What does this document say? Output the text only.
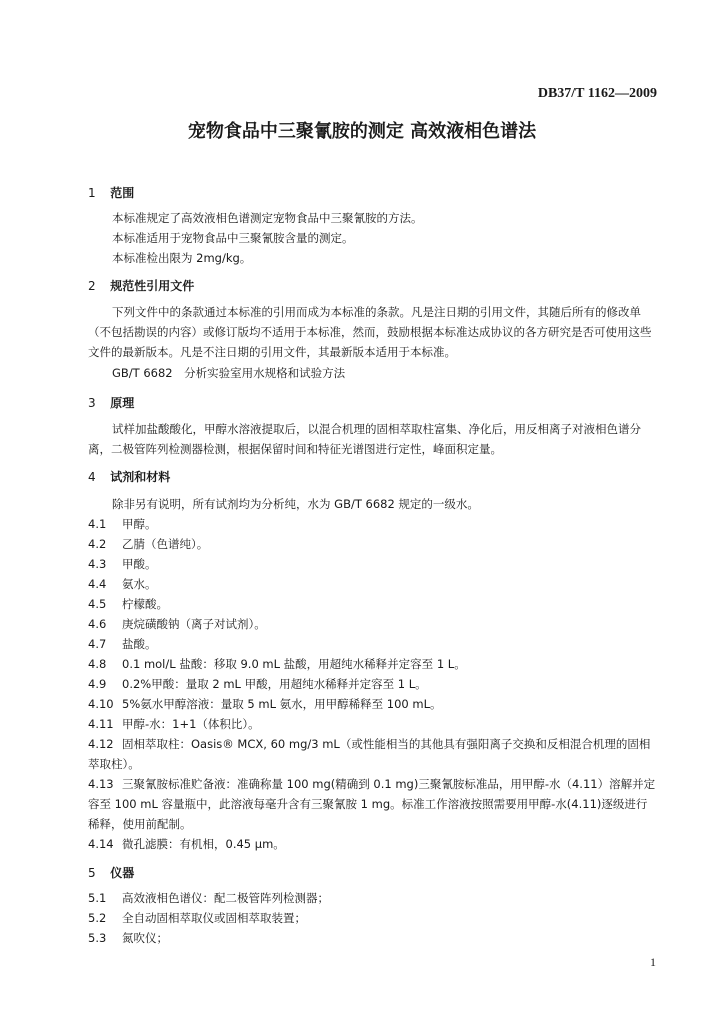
DB37/T 1162—2009
宠物食品中三聚氰胺的测定 高效液相色谱法
1 范围
本标准规定了高效液相色谱测定宠物食品中三聚氰胺的方法。
本标准适用于宠物食品中三聚氰胺含量的测定。
本标准检出限为 2mg/kg。
2 规范性引用文件
下列文件中的条款通过本标准的引用而成为本标准的条款。凡是注日期的引用文件，其随后所有的修改单（不包括勘误的内容）或修订版均不适用于本标准，然而，鼓励根据本标准达成协议的各方研究是否可使用这些文件的最新版本。凡是不注日期的引用文件，其最新版本适用于本标准。
GB/T 6682　分析实验室用水规格和试验方法
3 原理
试样加盐酸酸化，甲醇水溶液提取后，以混合机理的固相萃取柱富集、净化后，用反相离子对液相色谱分离，二极管阵列检测器检测，根据保留时间和特征光谱图进行定性，峰面积定量。
4 试剂和材料
除非另有说明，所有试剂均为分析纯，水为 GB/T 6682 规定的一级水。
4.1 甲醇。
4.2 乙腈（色谱纯）。
4.3 甲酸。
4.4 氨水。
4.5 柠檬酸。
4.6 庚烷磺酸钠（离子对试剂）。
4.7 盐酸。
4.8 0.1 mol/L 盐酸：移取 9.0 mL 盐酸，用超纯水稀释并定容至 1 L。
4.9 0.2%甲酸：量取 2 mL 甲酸，用超纯水稀释并定容至 1 L。
4.10 5%氨水甲醇溶液：量取 5 mL 氨水，用甲醇稀释至 100 mL。
4.11 甲醇-水：1+1（体积比）。
4.12 固相萃取柱：Oasis® MCX, 60 mg/3 mL（或性能相当的其他具有强阳离子交换和反相混合机理的固相萃取柱）。
4.13 三聚氰胺标准贮备液：准确称量 100 mg(精确到 0.1 mg)三聚氰胺标准品，用甲醇-水（4.11）溶解并定容至 100 mL 容量瓶中，此溶液每毫升含有三聚氰胺 1 mg。标准工作溶液按照需要用甲醇-水(4.11)逐级进行稀释，使用前配制。
4.14 微孔滤膜：有机相，0.45 μm。
5 仪器
5.1 高效液相色谱仪：配二极管阵列检测器；
5.2 全自动固相萃取仪或固相萃取装置；
5.3 氮吹仪；
1
